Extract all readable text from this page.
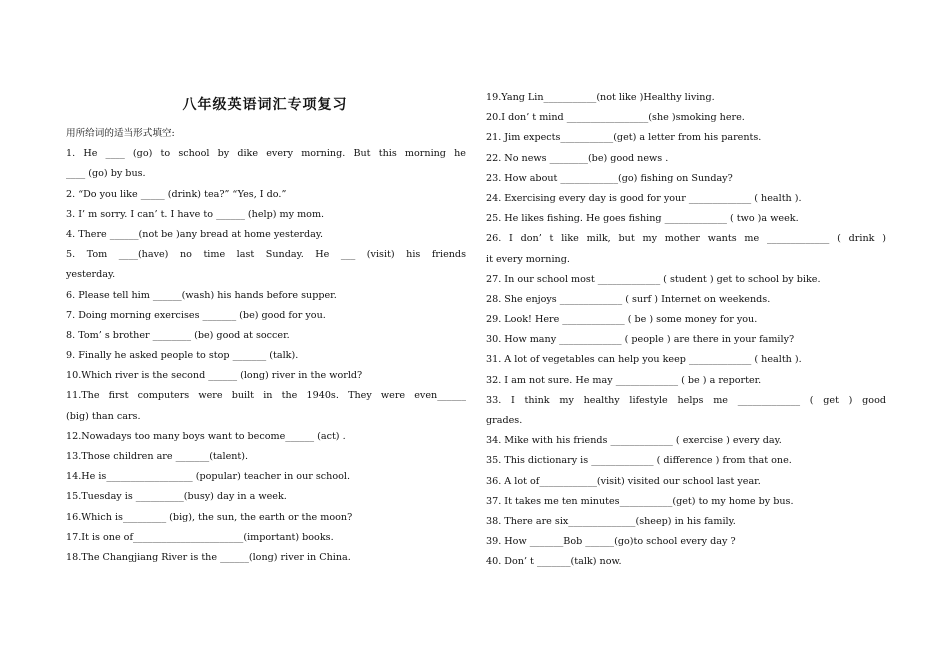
八年级英语词汇专项复习
用所给词的适当形式填空:
1. He ____ (go) to school by dike every morning. But this morning he
____ (go) by bus.
2. “Do you like _____ (drink) tea?” “Yes, I do.”
3. I’ m sorry. I can’ t. I have to ______ (help) my mom.
4. There ______(not be )any bread at home yesterday.
5. Tom ____(have) no time last Sunday. He ___ (visit) his friends
yesterday.
6. Please tell him ______(wash) his hands before supper.
7. Doing morning exercises _______ (be) good for you.
8. Tom’ s brother ________ (be) good at soccer.
9. Finally he asked people to stop _______ (talk).
10.Which river is the second ______ (long) river in the world?
11.The first computers were built in the 1940s. They were even______
(big) than cars.
12.Nowadays too many boys want to become______ (act) .
13.Those children are _______(talent).
14.He is__________________ (popular) teacher in our school.
15.Tuesday is __________(busy) day in a week.
16.Which is_________ (big), the sun, the earth or the moon?
17.It is one of_______________________(important) books.
18.The Changjiang River is the ______(long) river in China.
19.Yang Lin___________(not like )Healthy living.
20.I don’ t mind _________________(she )smoking here.
21. Jim expects___________(get) a letter from his parents.
22. No news ________(be) good news .
23. How about ____________(go) fishing on Sunday?
24. Exercising every day is good for your _____________ ( health ).
25. He likes fishing. He goes fishing _____________ ( two )a week.
26. I don’ t like milk, but my mother wants me _____________ ( drink )
it every morning.
27. In our school most _____________ ( student ) get to school by bike.
28. She enjoys _____________ ( surf ) Internet on weekends.
29. Look! Here _____________ ( be ) some money for you.
30. How many _____________ ( people ) are there in your family?
31. A lot of vegetables can help you keep _____________ ( health ).
32. I am not sure. He may _____________ ( be ) a reporter.
33. I think my healthy lifestyle helps me _____________ ( get ) good
grades.
34. Mike with his friends _____________ ( exercise ) every day.
35. This dictionary is _____________ ( difference ) from that one.
36. A lot of____________(visit) visited our school last year.
37. It takes me ten minutes___________(get) to my home by bus.
38. There are six______________(sheep) in his family.
39. How _______Bob ______(go)to school every day ?
40. Don’ t _______(talk) now.
